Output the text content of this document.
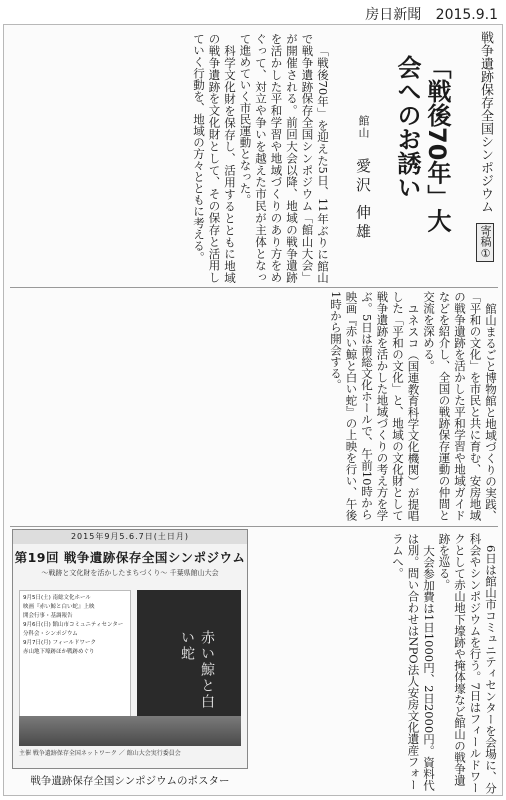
房日新聞 2015.9.1
戦争遺跡保存全国シンポジウム 寄稿①
「戦後70年」大会へのお誘い
館山 愛沢 伸雄

「戦後70年」を迎えた5日、11年ぶりに館山で戦争遺跡保存全国シンポジウム「館山大会」が開催される。前回大会以降、地域の戦争遺跡を活かした平和学習や地域づくりのあり方をめぐって、対立や争いを越えた市民が主体となって進めていく市民運動となった。

科学文化財を保存し、活用するとともに地域の戦争遺跡を文化財として、その保存と活用していく行動を、地域の方々とともに考える。

館山まるごと博物館と地域づくりの実践、「平和の文化」を市民と共に育む、安房地域の戦争遺跡を活かした平和学習や地域ガイドなどを紹介し、全国の戦跡保存運動の仲間と交流を深める。

ユネスコ（国連教育科学文化機関）が提唱した「平和の文化」と、地域の文化財として戦争遺跡を活かした地域づくりの考え方を学ぶ。5日は南総文化ホールで、午前10時から映画『赤い鯨と白い蛇』の上映を行い、午後1時から開会する。

2015年9月5.6.7日(土日月)
第19回 戦争遺跡保存全国シンポジウム
～戦跡と文化財を活かしたまちづくり～ 千葉県館山大会
9月5日(土) 南総文化ホール
映画『赤い鯨と白い蛇』上映
開会行事・基調報告
9月6日(日) 館山市コミュニティセンター
分科会・シンポジウム
9月7日(月) フィールドワーク
赤山地下壕跡ほか戦跡めぐり	赤い鯨と白い蛇
主催 戦争遺跡保存全国ネットワーク ／ 館山大会実行委員会
戦争遺跡保存全国シンポジウムのポスター	6日は館山市コミュニティセンターを会場に、分科会やシンポジウムを行う。7日はフィールドワークとして赤山地下壕跡や掩体壕など館山の戦争遺跡を巡る。

大会参加費は1日1000円、2日2000円。資料代は別。問い合わせはNPO法人安房文化遺産フォーラムへ。
